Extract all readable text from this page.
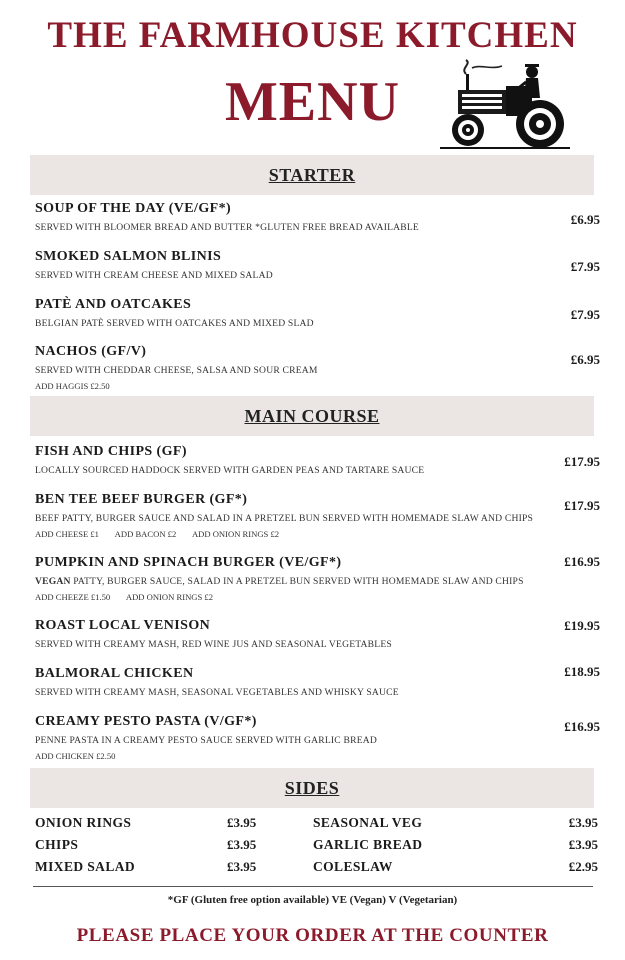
THE FARMHOUSE KITCHEN
MENU
STARTER
SOUP OF THE DAY (VE/GF*)
SERVED WITH BLOOMER BREAD AND BUTTER *GLUTEN FREE BREAD AVAILABLE
£6.95
SMOKED SALMON BLINIS
SERVED WITH CREAM CHEESE AND MIXED SALAD
£7.95
PATÈ AND OATCAKES
BELGIAN PATÈ SERVED WITH OATCAKES AND MIXED SLAD
£7.95
NACHOS (GF/V)
SERVED WITH CHEDDAR CHEESE, SALSA AND SOUR CREAM
ADD HAGGIS £2.50
£6.95
MAIN COURSE
FISH AND CHIPS (GF)
LOCALLY SOURCED HADDOCK SERVED WITH GARDEN PEAS AND TARTARE SAUCE
£17.95
BEN TEE BEEF BURGER (GF*)
BEEF PATTY, BURGER SAUCE AND SALAD IN A PRETZEL BUN SERVED WITH HOMEMADE SLAW AND CHIPS
ADD CHEESE £1 ADD BACON £2 ADD ONION RINGS £2
£17.95
PUMPKIN AND SPINACH BURGER (VE/GF*)
VEGAN PATTY, BURGER SAUCE, SALAD IN A PRETZEL BUN SERVED WITH HOMEMADE SLAW AND CHIPS
ADD CHEEZE £1.50 ADD ONION RINGS £2
£16.95
ROAST LOCAL VENISON
SERVED WITH CREAMY MASH, RED WINE JUS AND SEASONAL VEGETABLES
£19.95
BALMORAL CHICKEN
SERVED WITH CREAMY MASH, SEASONAL VEGETABLES AND WHISKY SAUCE
£18.95
CREAMY PESTO PASTA (V/GF*)
PENNE PASTA IN A CREAMY PESTO SAUCE SERVED WITH GARLIC BREAD
ADD CHICKEN £2.50
£16.95
SIDES
ONION RINGS	£3.95	SEASONAL VEG	£3.95
CHIPS	£3.95	GARLIC BREAD	£3.95
MIXED SALAD	£3.95	COLESLAW	£2.95
*GF (Gluten free option available) VE (Vegan) V (Vegetarian)
PLEASE PLACE YOUR ORDER AT THE COUNTER
